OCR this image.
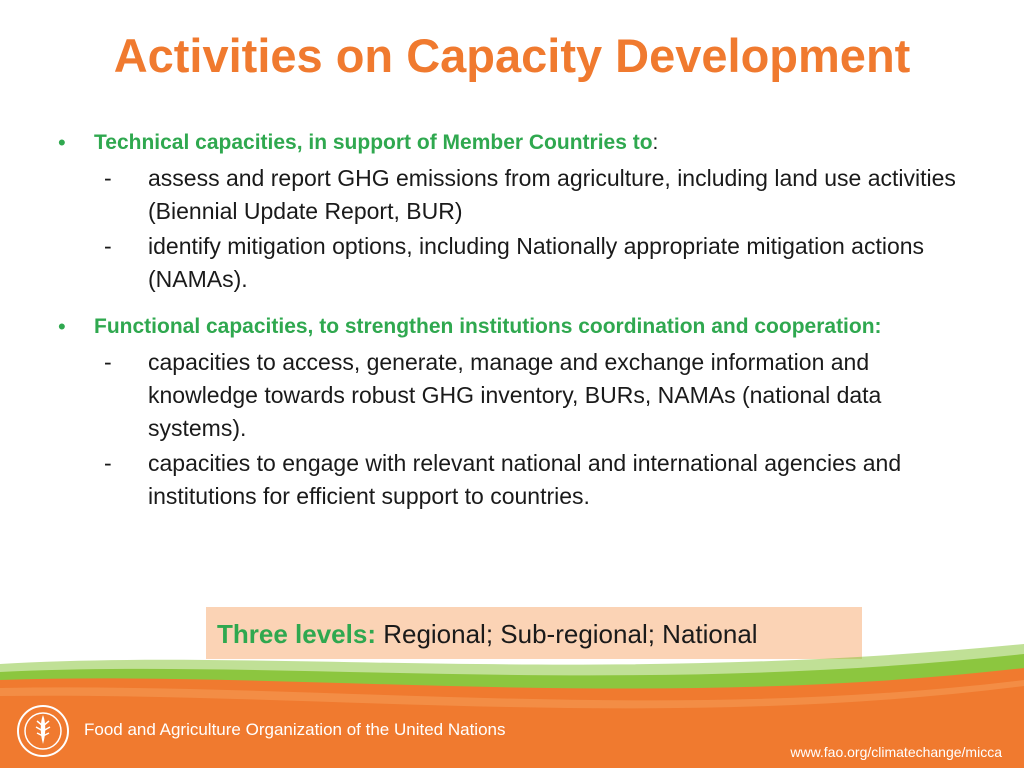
Activities on Capacity Development
• Technical capacities, in support of Member Countries to:
- assess and report GHG emissions from agriculture, including land use activities (Biennial Update Report, BUR)
- identify mitigation options, including Nationally appropriate mitigation actions (NAMAs).
• Functional capacities, to strengthen institutions coordination and cooperation:
- capacities to access, generate, manage and exchange information and knowledge towards robust GHG inventory, BURs, NAMAs (national data systems).
- capacities to engage with relevant national and international agencies and institutions for efficient support to countries.
Three levels: Regional; Sub-regional; National
Food and Agriculture Organization of the United Nations
www.fao.org/climatechange/micca
